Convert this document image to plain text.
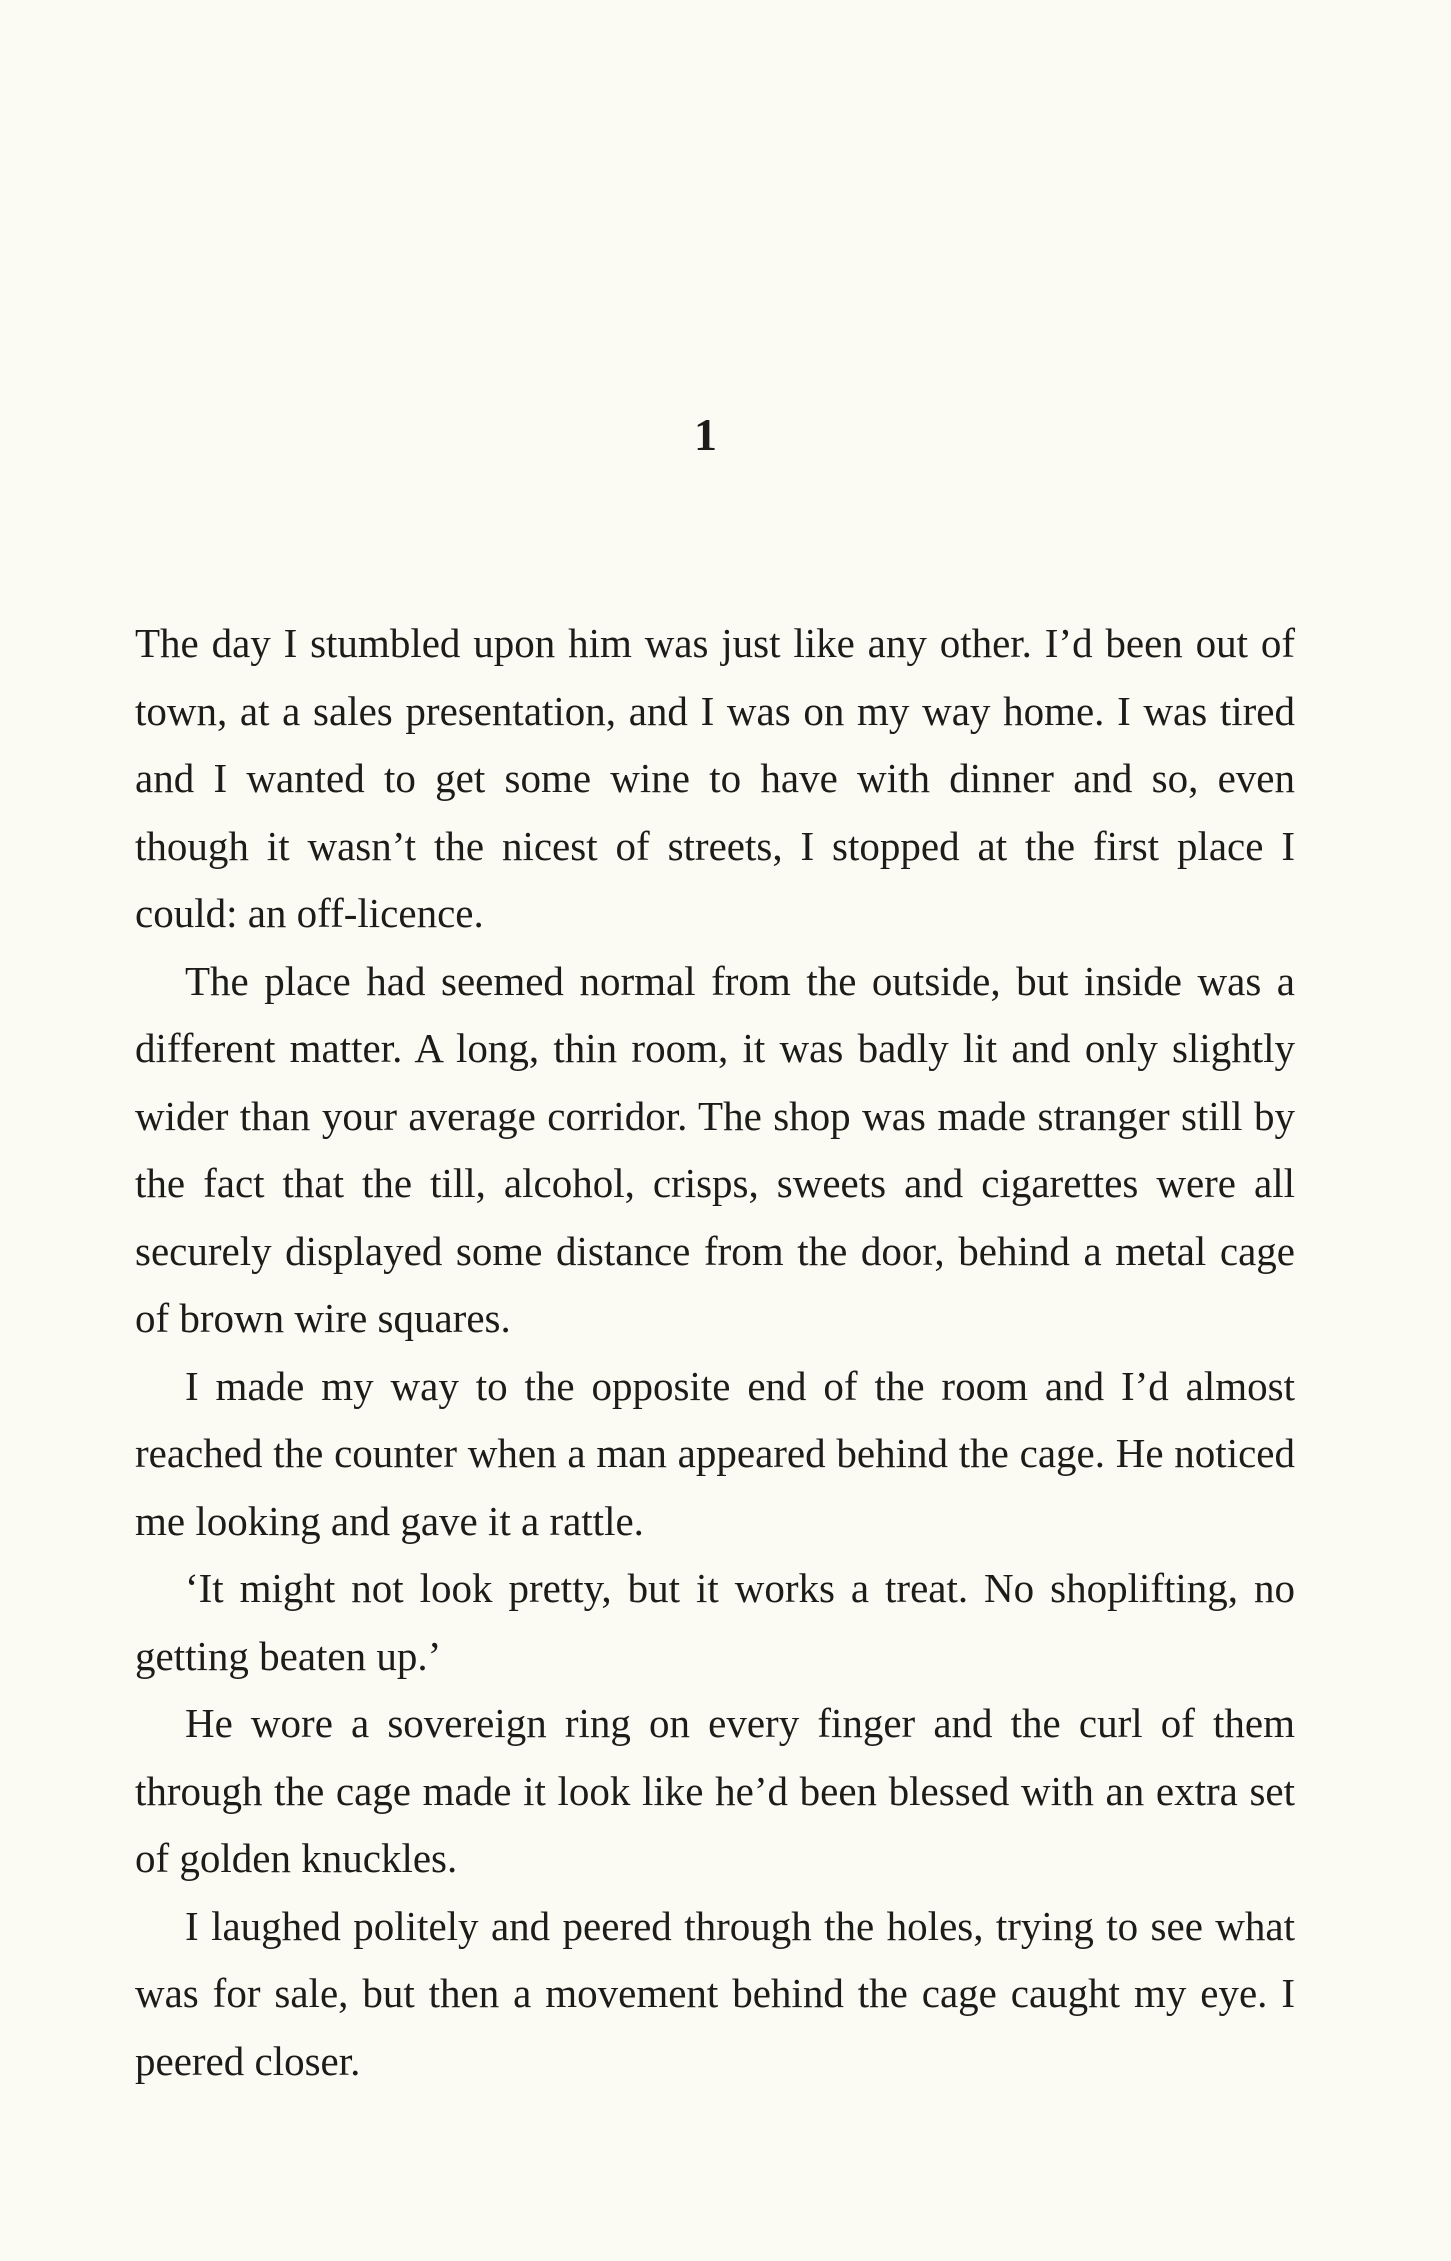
1

The day I stumbled upon him was just like any other. I’d been out of town, at a sales presentation, and I was on my way home. I was tired and I wanted to get some wine to have with dinner and so, even though it wasn’t the nicest of streets, I stopped at the first place I could: an off-licence.

The place had seemed normal from the outside, but inside was a different matter. A long, thin room, it was badly lit and only slightly wider than your average corridor. The shop was made stranger still by the fact that the till, alcohol, crisps, sweets and cigarettes were all securely displayed some distance from the door, behind a metal cage of brown wire squares.

I made my way to the opposite end of the room and I’d almost reached the counter when a man appeared behind the cage. He noticed me looking and gave it a rattle.

‘It might not look pretty, but it works a treat. No shoplifting, no getting beaten up.’

He wore a sovereign ring on every finger and the curl of them through the cage made it look like he’d been blessed with an extra set of golden knuckles.

I laughed politely and peered through the holes, trying to see what was for sale, but then a movement behind the cage caught my eye. I peered closer.
